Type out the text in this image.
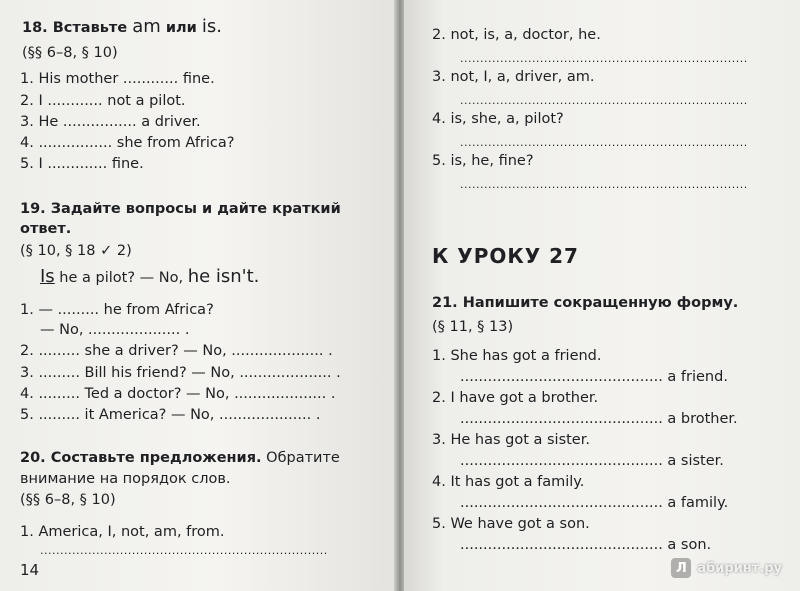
18. Вставьте am или is.
(§§ 6–8, § 10)
1. His mother ............ fine.
2. I ............ not a pilot.
3. He ................ a driver.
4. ................ she from Africa?
5. I ............. fine.
19. Задайте вопросы и дайте краткий
ответ.
(§ 10, § 18 ✓ 2)
Is he a pilot? — No, he isn't.
1. — ......... he from Africa?
— No, .................... .
2. ......... she a driver? — No, .................... .
3. ......... Bill his friend? — No, .................... .
4. ......... Ted a doctor? — No, .................... .
5. ......... it America? — No, .................... .
20. Составьте предложения. Обратите
внимание на порядок слов.
(§§ 6–8, § 10)
1. America, I, not, am, from.
........................................................................
14
2. not, is, a, doctor, he.
........................................................................
3. not, I, a, driver, am.
........................................................................
4. is, she, a, pilot?
........................................................................
5. is, he, fine?
........................................................................
К УРОКУ 27
21. Напишите сокращенную форму.
(§ 11, § 13)
1. She has got a friend.
............................................ a friend.
2. I have got a brother.
............................................ a brother.
3. He has got a sister.
............................................ a sister.
4. It has got a family.
............................................ a family.
5. We have got a son.
............................................ a son.
Л абиринт.ру
